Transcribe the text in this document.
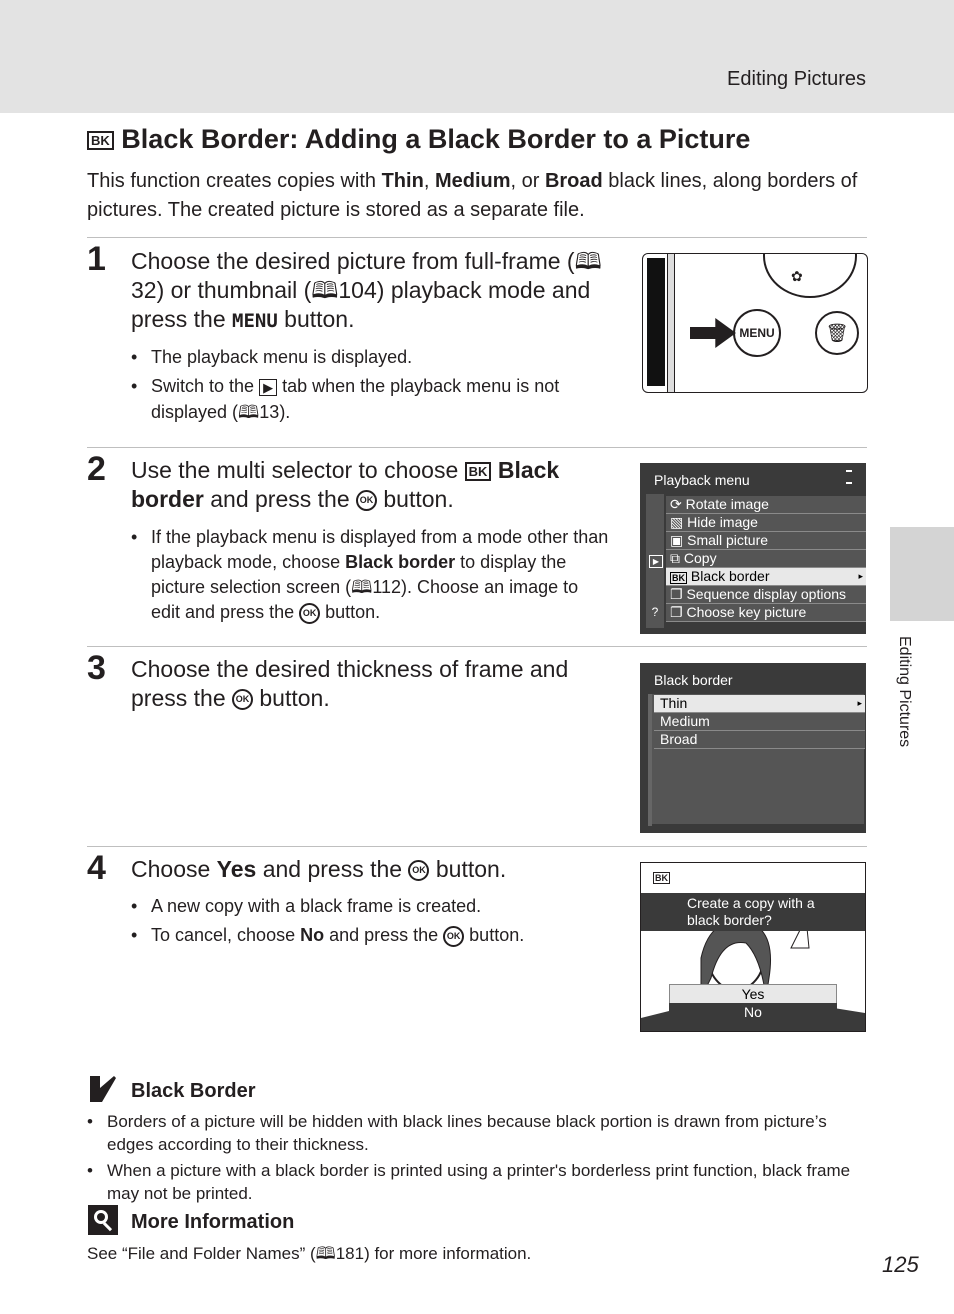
Editing Pictures
Editing Pictures
BK Black Border: Adding a Black Border to a Picture
This function creates copies with Thin, Medium, or Broad black lines, along borders of pictures. The created picture is stored as a separate file.
1 Choose the desired picture from full-frame (🕮32) or thumbnail (🕮104) playback mode and press the MENU button.
• The playback menu is displayed.
• Switch to the ▶ tab when the playback menu is not displayed (🕮13).
✿
MENU	🗑
2 Use the multi selector to choose BK Black border and press the OK button.
• If the playback menu is displayed from a mode other than playback mode, choose Black border to display the picture selection screen (🕮112). Choose an image to edit and press the OK button.
Playback menu
▶
?
⟳ Rotate image
▧ Hide image
▣ Small picture
⧉ Copy
BK Black border	▸
❐ Sequence display options
❐ Choose key picture
3 Choose the desired thickness of frame and press the OK button.
Black border
Thin	▸
Medium
Broad
4 Choose Yes and press the OK button.
• A new copy with a black frame is created.
• To cancel, choose No and press the OK button.
BK
Create a copy with a black border?
Yes
No
Black Border
• Borders of a picture will be hidden with black lines because black portion is drawn from picture’s edges according to their thickness.
• When a picture with a black border is printed using a printer's borderless print function, black frame may not be printed.
More Information
See “File and Folder Names” (🕮181) for more information.	125
